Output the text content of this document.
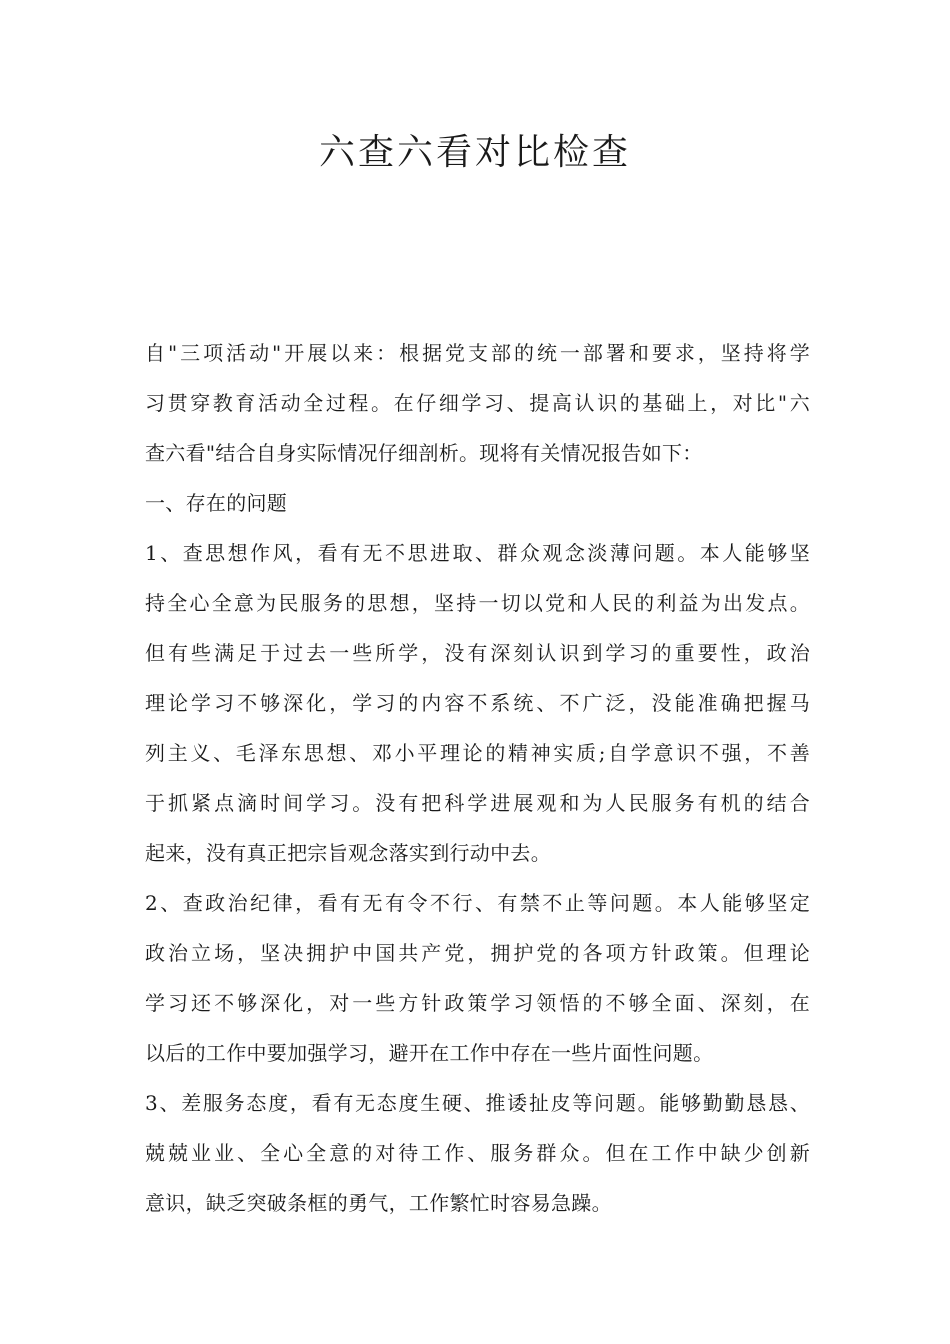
六查六看对比检查
自"三项活动"开展以来：根据党支部的统一部署和要求，坚持将学
习贯穿教育活动全过程。在仔细学习、提高认识的基础上，对比"六
查六看"结合自身实际情况仔细剖析。现将有关情况报告如下：
一、存在的问题
1、查思想作风，看有无不思进取、群众观念淡薄问题。本人能够坚
持全心全意为民服务的思想，坚持一切以党和人民的利益为出发点。
但有些满足于过去一些所学，没有深刻认识到学习的重要性，政治
理论学习不够深化，学习的内容不系统、不广泛，没能准确把握马
列主义、毛泽东思想、邓小平理论的精神实质;自学意识不强，不善
于抓紧点滴时间学习。没有把科学进展观和为人民服务有机的结合
起来，没有真正把宗旨观念落实到行动中去。
2、查政治纪律，看有无有令不行、有禁不止等问题。本人能够坚定
政治立场，坚决拥护中国共产党，拥护党的各项方针政策。但理论
学习还不够深化，对一些方针政策学习领悟的不够全面、深刻，在
以后的工作中要加强学习，避开在工作中存在一些片面性问题。
3、差服务态度，看有无态度生硬、推诿扯皮等问题。能够勤勤恳恳、
兢兢业业、全心全意的对待工作、服务群众。但在工作中缺少创新
意识，缺乏突破条框的勇气，工作繁忙时容易急躁。
